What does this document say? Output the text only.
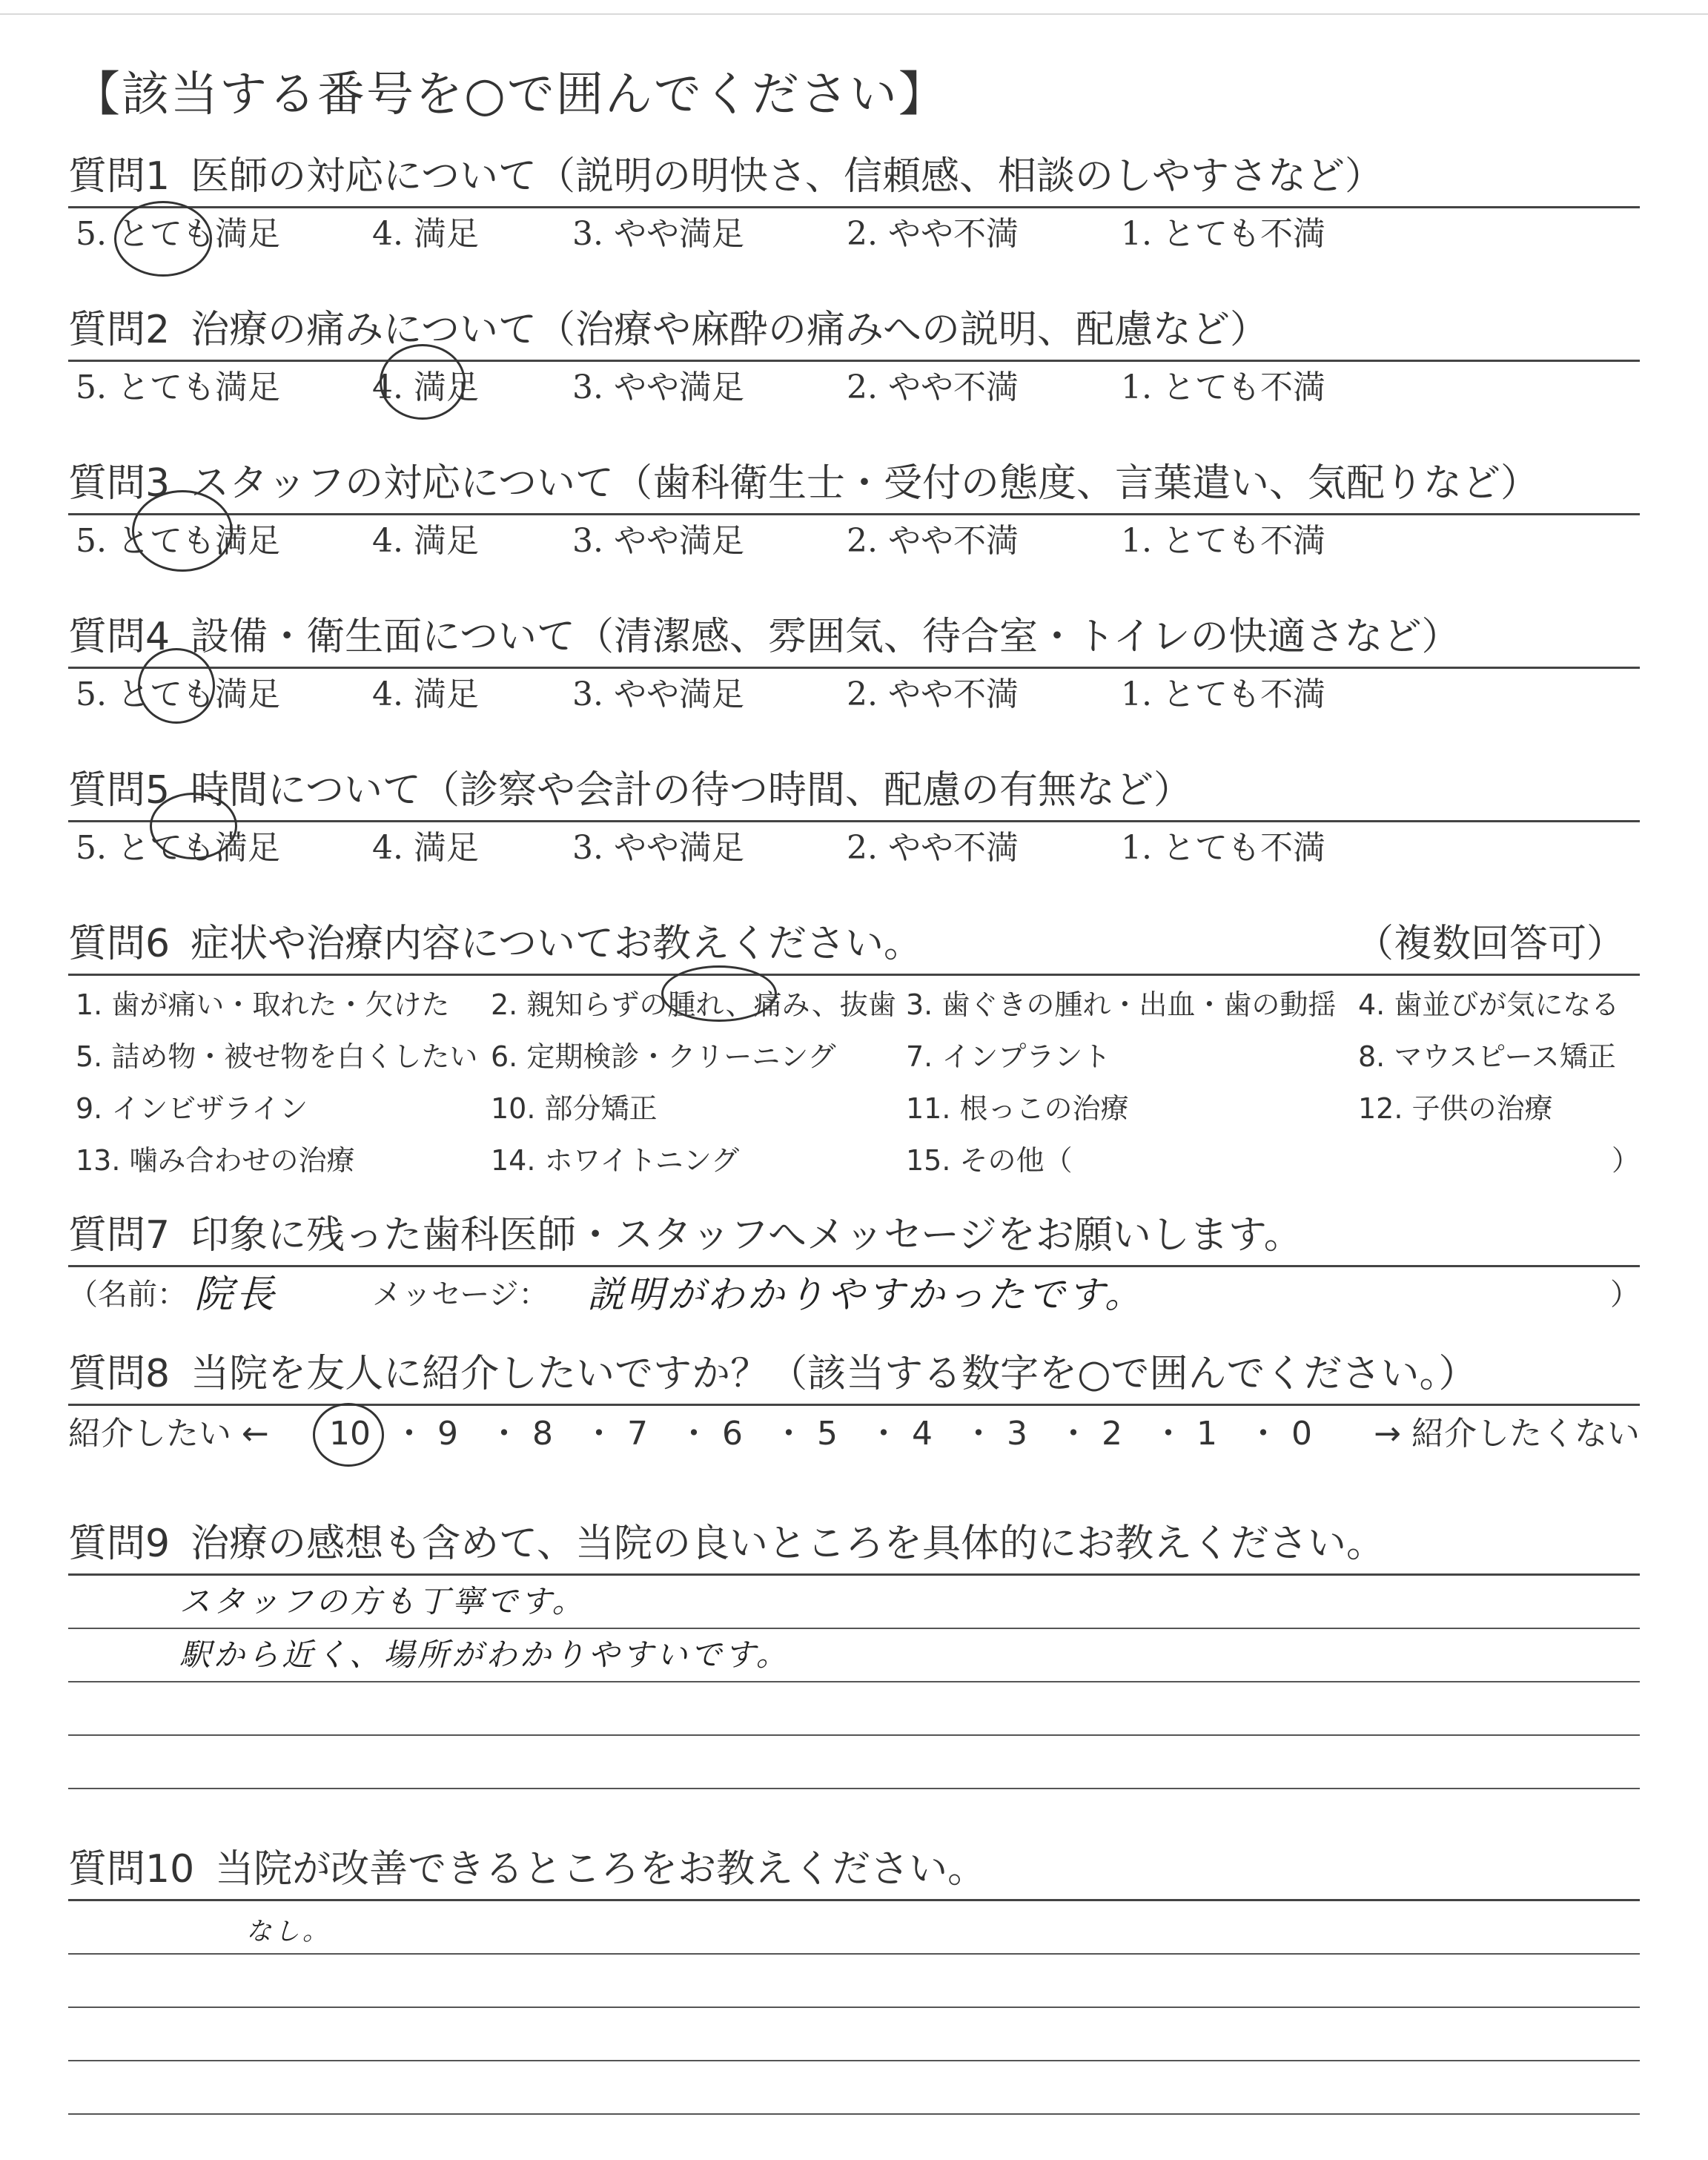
【該当する番号を○で囲んでください】
質問1 医師の対応について（説明の明快さ、信頼感、相談のしやすさなど）
5. とても満足	4. 満足	3. やや満足	2. やや不満	1. とても不満
質問2 治療の痛みについて（治療や麻酔の痛みへの説明、配慮など）
5. とても満足	4. 満足	3. やや満足	2. やや不満	1. とても不満
質問3 スタッフの対応について（歯科衛生士・受付の態度、言葉遣い、気配りなど）
5. とても満足	4. 満足	3. やや満足	2. やや不満	1. とても不満
質問4 設備・衛生面について（清潔感、雰囲気、待合室・トイレの快適さなど）
5. とても満足	4. 満足	3. やや満足	2. やや不満	1. とても不満
質問5 時間について（診察や会計の待つ時間、配慮の有無など）
5. とても満足	4. 満足	3. やや満足	2. やや不満	1. とても不満
質問6 症状や治療内容についてお教えください。	（複数回答可）
1. 歯が痛い・取れた・欠けた 2. 親知らずの腫れ、痛み、抜歯 3. 歯ぐきの腫れ・出血・歯の動揺 4. 歯並びが気になる
5. 詰め物・被せ物を白くしたい 6. 定期検診・クリーニング 7. インプラント	8. マウスピース矯正
9. インビザライン	10. 部分矯正	11. 根っこの治療	12. 子供の治療
13. 噛み合わせの治療	14. ホワイトニング	15. その他（	）
質問7 印象に残った歯科医師・スタッフへメッセージをお願いします。
（名前： 院長	メッセージ： 説明がわかりやすかったです。	）
質問8 当院を友人に紹介したいですか？（該当する数字を○で囲んでください。）
紹介したい ← 10 ・ 9 ・ 8 ・ 7 ・ 6 ・ 5 ・ 4 ・ 3 ・ 2 ・ 1 ・ 0 → 紹介したくない
質問9 治療の感想も含めて、当院の良いところを具体的にお教えください。
スタッフの方も丁寧です。
駅から近く、場所がわかりやすいです。
質問10 当院が改善できるところをお教えください。
なし。
